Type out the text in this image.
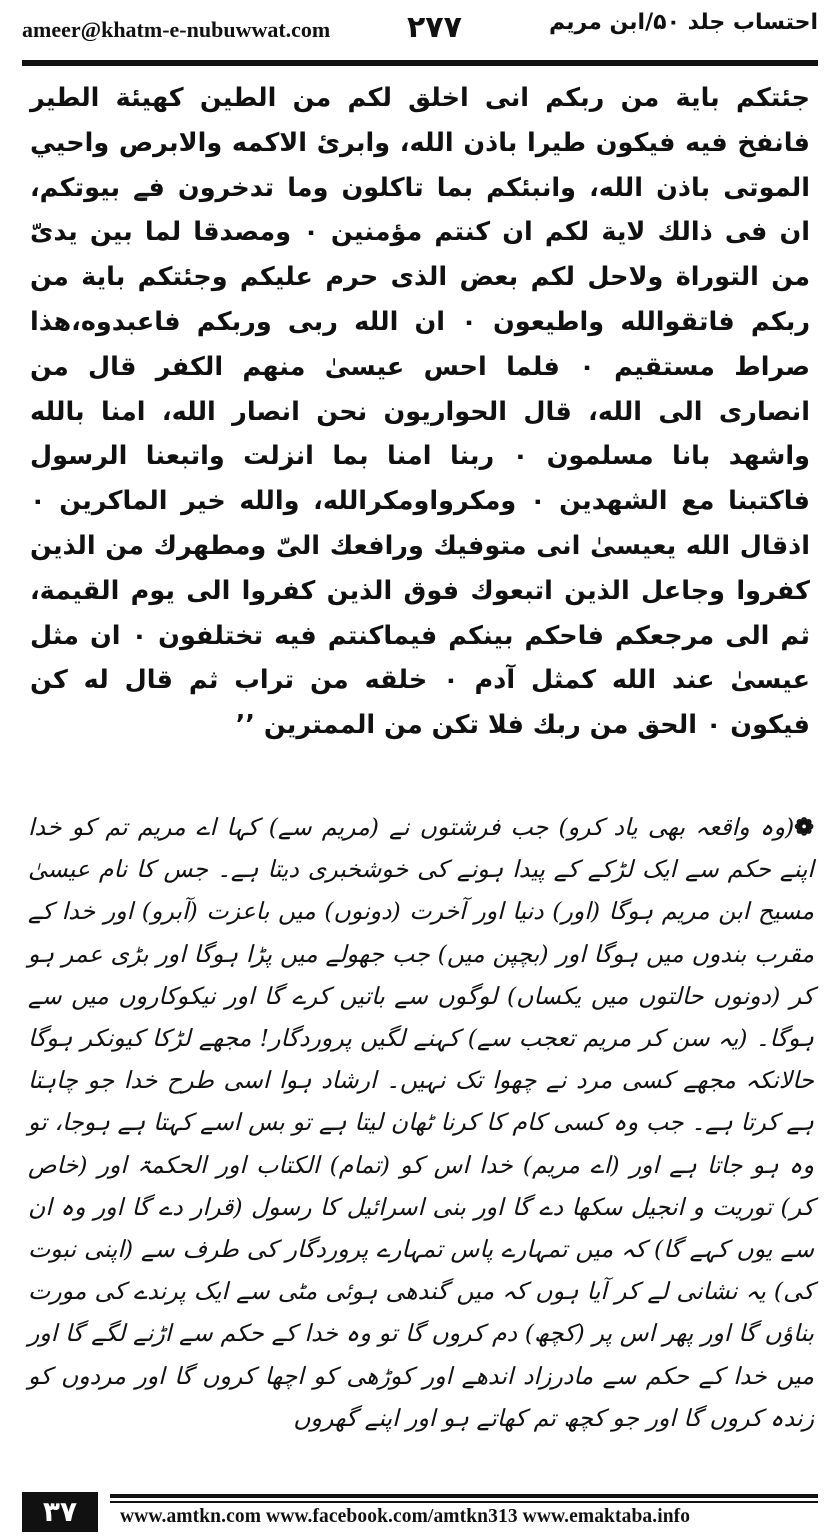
ameer@khatm-e-nubuwwat.com	۲۷۷	احتساب جلد ۵۰/ابن مریم

جئتکم باية من ربکم انی اخلق لکم من الطين کهيئة الطير فانفخ فيه فيکون طيرا باذن الله، وابرئ الاکمه والابرص واحيي الموتی باذن الله، وانبئکم بما تاکلون وما تدخرون فے بيوتکم، ان فی ذالك لاية لکم ان کنتم مؤمنين ۰ ومصدقا لما بين يدیّ من التوراة ولاحل لکم بعض الذی حرم عليکم وجئتکم باية من ربکم فاتقوالله واطيعون ۰ ان الله ربی وربکم فاعبدوه،هذا صراط مستقيم ۰ فلما احس عيسیٰ منهم الکفر قال من انصاری الی الله، قال الحواريون نحن انصار الله، امنا بالله واشهد بانا مسلمون ۰ ربنا امنا بما انزلت واتبعنا الرسول فاکتبنا مع الشهدين ۰ ومکرواومکرالله، والله خير الماکرين ۰ اذقال الله يعيسیٰ انی متوفيك ورافعك الیّ ومطهرك من الذين کفروا وجاعل الذين اتبعوك فوق الذين کفروا الی يوم القيمة، ثم الی مرجعکم فاحکم بينکم فيماکنتم فيه تختلفون ۰ ان مثل عيسیٰ عند الله کمثل آدم ۰ خلقه من تراب ثم قال له کن فيکون ۰ الحق من ربك فلا تکن من الممترين ’’

❁(وہ واقعہ بھی یاد کرو) جب فرشتوں نے (مریم سے) کہا اے مریم تم کو خدا اپنے حکم سے ایک لڑکے کے پیدا ہونے کی خوشخبری دیتا ہے۔ جس کا نام عیسیٰ مسیح ابن مریم ہوگا (اور) دنیا اور آخرت (دونوں) میں باعزت (آبرو) اور خدا کے مقرب بندوں میں ہوگا اور (بچپن میں) جب جھولے میں پڑا ہوگا اور بڑی عمر ہو کر (دونوں حالتوں میں یکساں) لوگوں سے باتیں کرے گا اور نیکوکاروں میں سے ہوگا۔ (یہ سن کر مریم تعجب سے) کہنے لگیں پروردگار! مجھے لڑکا کیونکر ہوگا حالانکہ مجھے کسی مرد نے چھوا تک نہیں۔ ارشاد ہوا اسی طرح خدا جو چاہتا ہے کرتا ہے۔ جب وہ کسی کام کا کرنا ٹھان لیتا ہے تو بس اسے کہتا ہے ہوجا، تو وہ ہو جاتا ہے اور (اے مریم) خدا اس کو (تمام) الکتاب اور الحکمۃ اور (خاص کر) توریت و انجیل سکھا دے گا اور بنی اسرائیل کا رسول (قرار دے گا اور وہ ان سے یوں کہے گا) کہ میں تمہارے پاس تمہارے پروردگار کی طرف سے (اپنی نبوت کی) یہ نشانی لے کر آیا ہوں کہ میں گندھی ہوئی مٹی سے ایک پرندے کی مورت بناؤں گا اور پھر اس پر (کچھ) دم کروں گا تو وہ خدا کے حکم سے اڑنے لگے گا اور میں خدا کے حکم سے مادرزاد اندھے اور کوڑھی کو اچھا کروں گا اور مردوں کو زندہ کروں گا اور جو کچھ تم کھاتے ہو اور اپنے گھروں

۳۷	www.amtkn.com www.facebook.com/amtkn313 www.emaktaba.info
